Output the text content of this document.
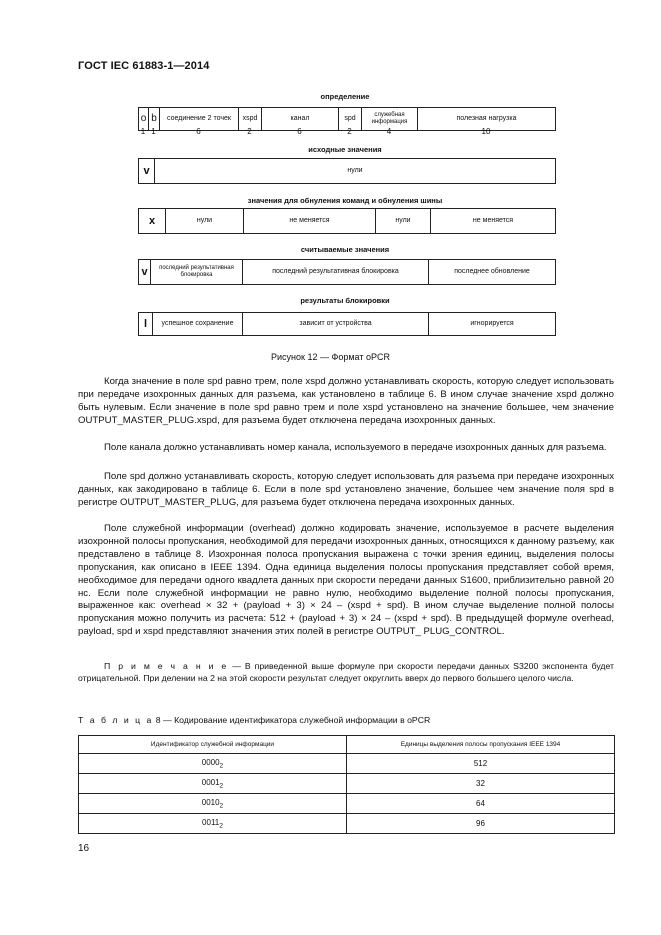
ГОСТ IEC 61883-1—2014
определение
o b	соединение 2 точек	xspd	канал	spd	служебная информация	полезная нагрузка
1 1	6	2	6	2	4	10
исходные значения
v	нули
значения для обнуления команд и обнуления шины
x	нули	не меняется	нули	не меняется
считываемые значения
v	последний результативная блокировка	последний результативная блокировка	последнее обновление
результаты блокировки
l	успешное сохранение	зависит от устройства	игнорируется
Рисунок 12 — Формат oPCR

Когда значение в поле spd равно трем, поле xspd должно устанавливать скорость, которую следует использовать при передаче изохронных данных для разъема, как установлено в таблице 6. В ином случае значение xspd должно быть нулевым. Если значение в поле spd равно трем и поле xspd установлено на значение большее, чем значение OUTPUT_MASTER_PLUG.xspd, для разъема будет отключена передача изохронных данных.

Поле канала должно устанавливать номер канала, используемого в передаче изохронных данных для разъема.

Поле spd должно устанавливать скорость, которую следует использовать для разъема при передаче изохронных данных, как закодировано в таблице 6. Если в поле spd установлено значение, большее чем значение поля spd в регистре OUTPUT_MASTER_PLUG, для разъема будет отключена передача изохронных данных.

Поле служебной информации (overhead) должно кодировать значение, используемое в расчете выделения изохронной полосы пропускания, необходимой для передачи изохронных данных, относящихся к данному разъему, как представлено в таблице 8. Изохронная полоса пропускания выражена с точки зрения единиц, выделения полосы пропускания, как описано в IEEE 1394. Одна единица выделения полосы пропускания представляет собой время, необходимое для передачи одного квадлета данных при скорости передачи данных S1600, приблизительно равной 20 нс. Если поле служебной информации не равно нулю, необходимо выделение полной полосы пропускания, выраженное как: overhead × 32 + (payload + 3) × 24 – (xspd + spd). В ином случае выделение полной полосы пропускания можно получить из расчета: 512 + (payload + 3) × 24 – (xspd + spd). В предыдущей формуле overhead, payload, spd и xspd представляют значения этих полей в регистре OUTPUT_ PLUG_CONTROL.

П р и м е ч а н и е — В приведенной выше формуле при скорости передачи данных S3200 экспонента будет отрицательной. При делении на 2 на этой скорости результат следует округлить вверх до первого большего целого числа.

Т а б л и ц а 8 — Кодирование идентификатора служебной информации в oPCR
Идентификатор служебной информации	Единицы выделения полосы пропускания IEEE 1394
$0000_2$	512
$0001_2$	32
$0010_2$	64
$0011_2$	96
16
